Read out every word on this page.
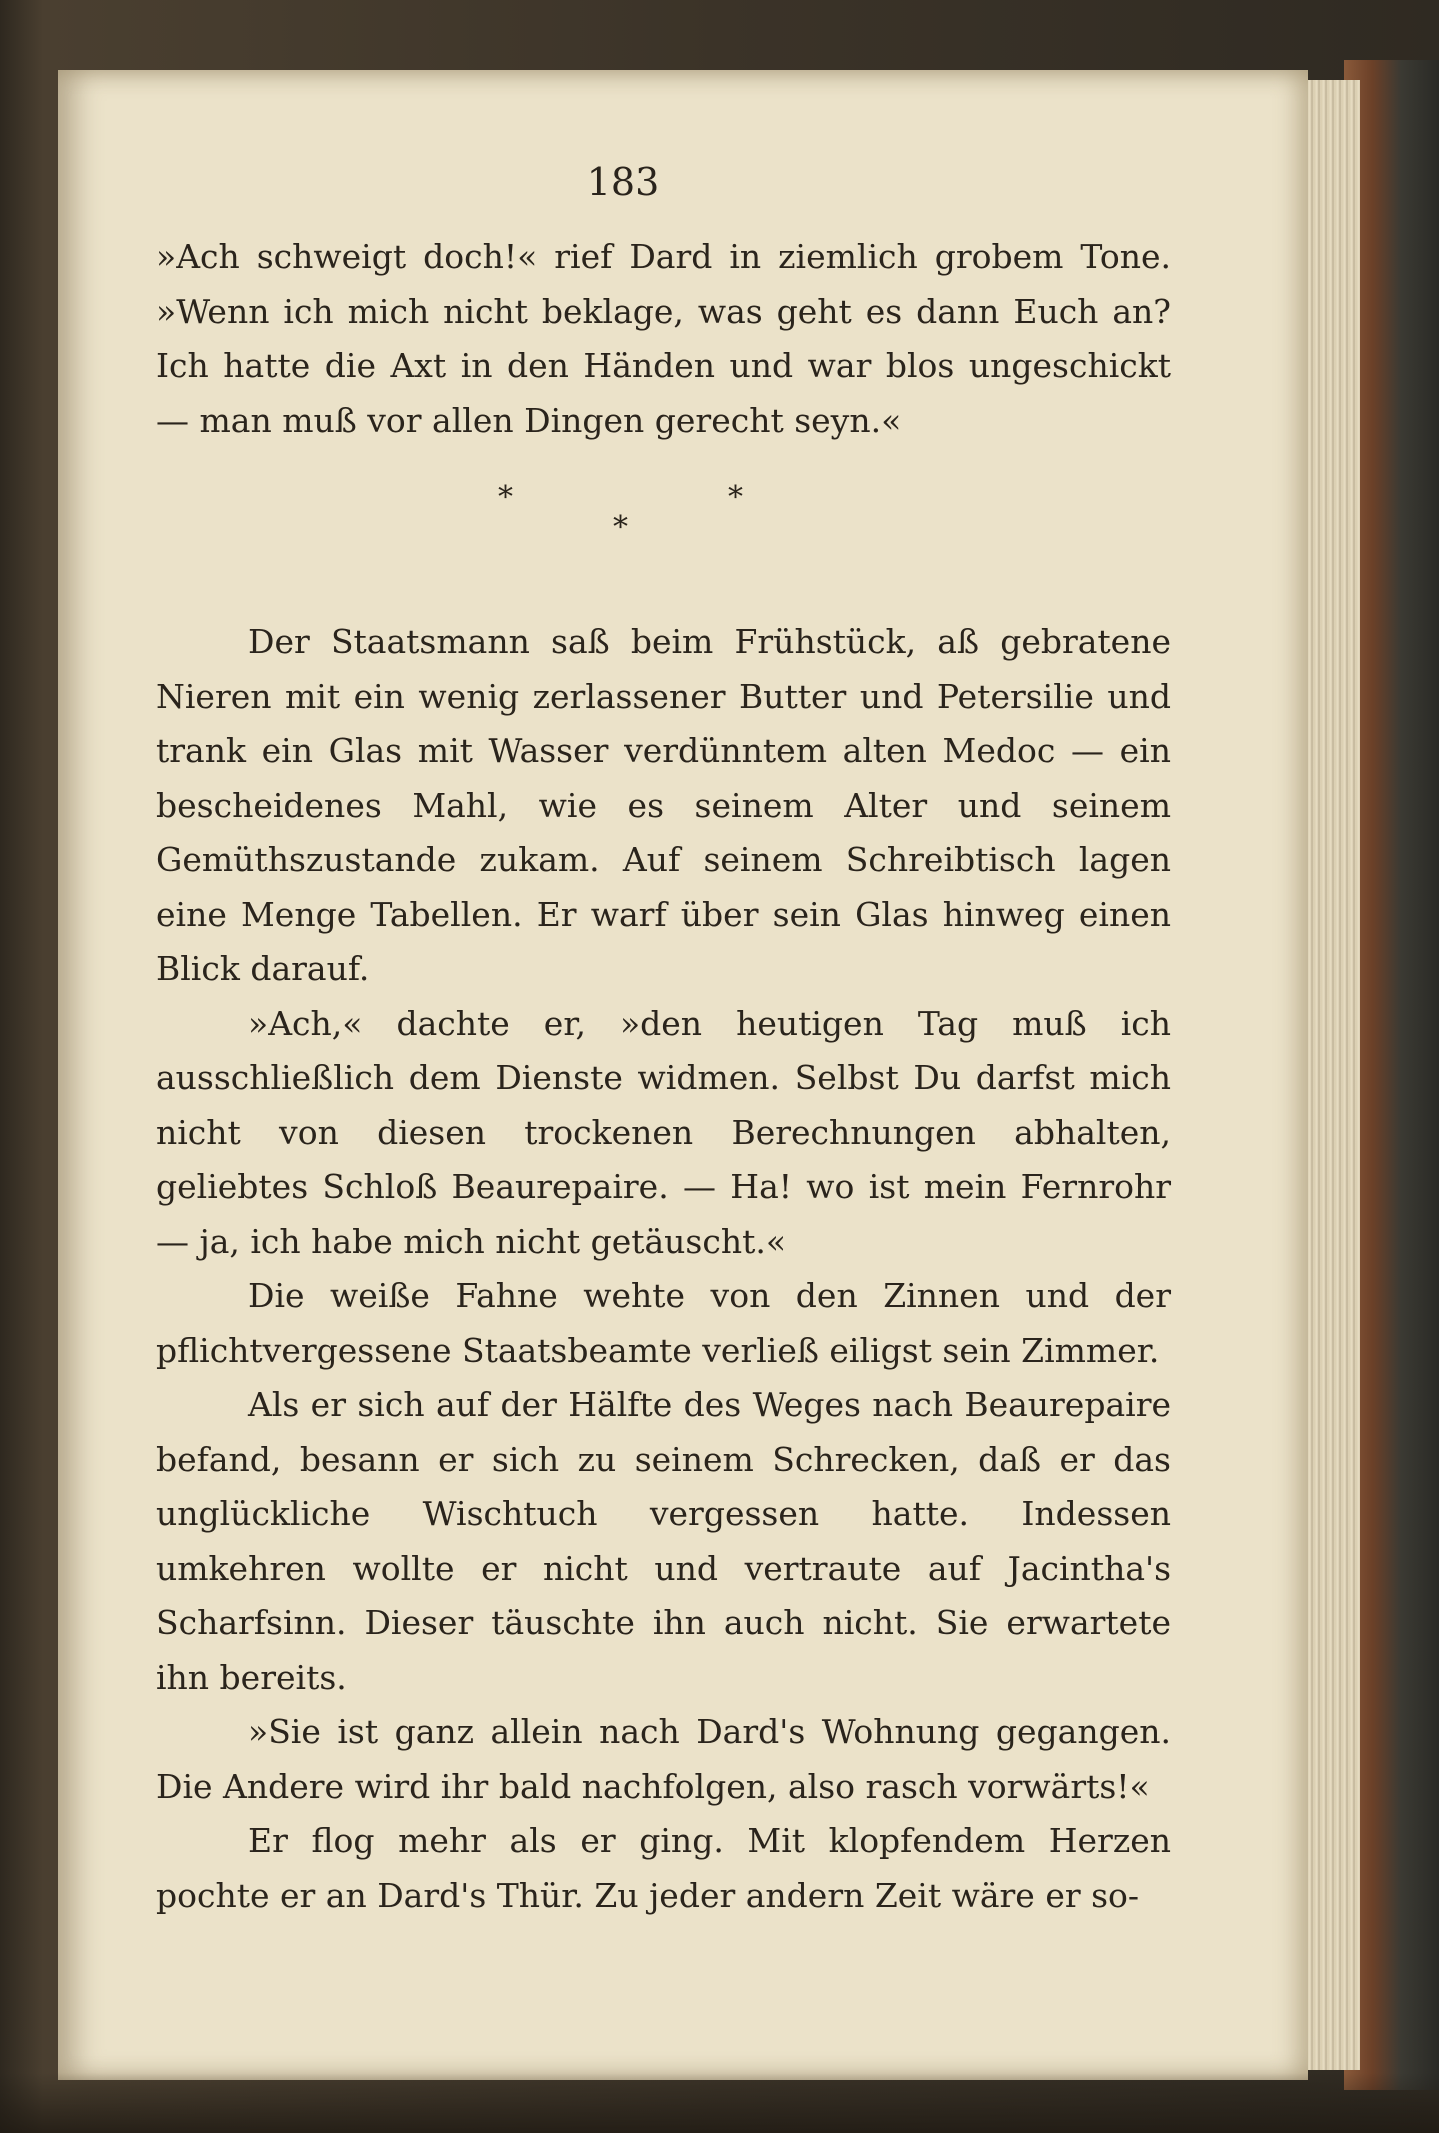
183

»Ach schweigt doch!« rief Dard in ziemlich grobem Tone. »Wenn ich mich nicht beklage, was geht es dann Euch an? Ich hatte die Axt in den Händen und war blos ungeschickt — man muß vor allen Dingen gerecht seyn.«

*	*
*

Der Staatsmann saß beim Frühstück, aß gebratene Nieren mit ein wenig zerlassener Butter und Petersilie und trank ein Glas mit Wasser verdünntem alten Medoc — ein bescheidenes Mahl, wie es seinem Alter und seinem Gemüthszustande zukam. Auf seinem Schreibtisch lagen eine Menge Tabellen. Er warf über sein Glas hinweg einen Blick darauf.

»Ach,« dachte er, »den heutigen Tag muß ich ausschließlich dem Dienste widmen. Selbst Du darfst mich nicht von diesen trockenen Berechnungen abhalten, geliebtes Schloß Beaurepaire. — Ha! wo ist mein Fernrohr — ja, ich habe mich nicht getäuscht.«

Die weiße Fahne wehte von den Zinnen und der pflichtvergessene Staatsbeamte verließ eiligst sein Zimmer.

Als er sich auf der Hälfte des Weges nach Beaurepaire befand, besann er sich zu seinem Schrecken, daß er das unglückliche Wischtuch vergessen hatte. Indessen umkehren wollte er nicht und vertraute auf Jacintha's Scharfsinn. Dieser täuschte ihn auch nicht. Sie erwartete ihn bereits.

»Sie ist ganz allein nach Dard's Wohnung gegangen. Die Andere wird ihr bald nachfolgen, also rasch vorwärts!«

Er flog mehr als er ging. Mit klopfendem Herzen pochte er an Dard's Thür. Zu jeder andern Zeit wäre er so-
